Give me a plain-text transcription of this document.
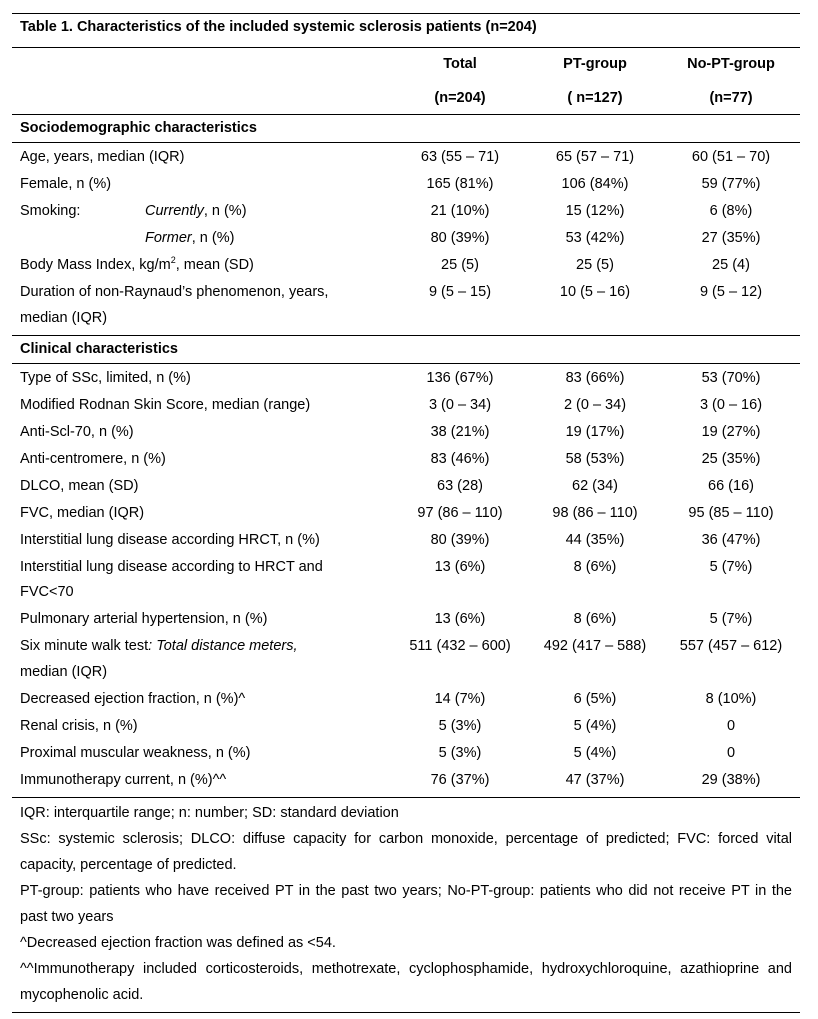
Table 1. Characteristics of the included systemic sclerosis patients (n=204)
Total	PT-group	No-PT-group
(n=204)	( n=127)	(n=77)
Sociodemographic characteristics
Age, years, median (IQR)	63 (55 – 71)	65 (57 – 71)	60 (51 – 70)
Female, n (%)	165 (81%)	106 (84%)	59 (77%)
Smoking:	Currently, n (%)	21 (10%)	15 (12%)	6 (8%)
Former, n (%)	80 (39%)	53 (42%)	27 (35%)
Body Mass Index, $kg/m^2$, mean (SD)	25 (5)	25 (5)	25 (4)
Duration of non-Raynaud’s phenomenon, years,
median (IQR)
9 (5 – 15)	10 (5 – 16)	9 (5 – 12)
Clinical characteristics
Type of SSc, limited, n (%)	136 (67%)	83 (66%)	53 (70%)
Modified Rodnan Skin Score, median (range)	3 (0 – 34)	2 (0 – 34)	3 (0 – 16)
Anti-Scl-70, n (%)	38 (21%)	19 (17%)	19 (27%)
Anti-centromere, n (%)	83 (46%)	58 (53%)	25 (35%)
DLCO, mean (SD)	63 (28)	62 (34)	66 (16)
FVC, median (IQR)	97 (86 – 110)	98 (86 – 110)	95 (85 – 110)
Interstitial lung disease according HRCT, n (%)	80 (39%)	44 (35%)	36 (47%)
Interstitial lung disease according to HRCT and
FVC<70
13 (6%)	8 (6%)	5 (7%)
Pulmonary arterial hypertension, n (%)	13 (6%)	8 (6%)	5 (7%)
Six minute walk test: Total distance meters,
median (IQR)
511 (432 – 600)	492 (417 – 588)	557 (457 – 612)
Decreased ejection fraction, n (%)^	14 (7%)	6 (5%)	8 (10%)
Renal crisis, n (%)	5 (3%)	5 (4%)	0
Proximal muscular weakness, n (%)	5 (3%)	5 (4%)	0
Immunotherapy current, n (%)^^	76 (37%)	47 (37%)	29 (38%)
IQR: interquartile range; n: number; SD: standard deviation
SSc: systemic sclerosis; DLCO: diffuse capacity for carbon monoxide, percentage of predicted; FVC: forced vital capacity, percentage of predicted.
PT-group: patients who have received PT in the past two years; No-PT-group: patients who did not receive PT in the past two years
^Decreased ejection fraction was defined as <54.
^^Immunotherapy included corticosteroids, methotrexate, cyclophosphamide, hydroxychloroquine, azathioprine and mycophenolic acid.
